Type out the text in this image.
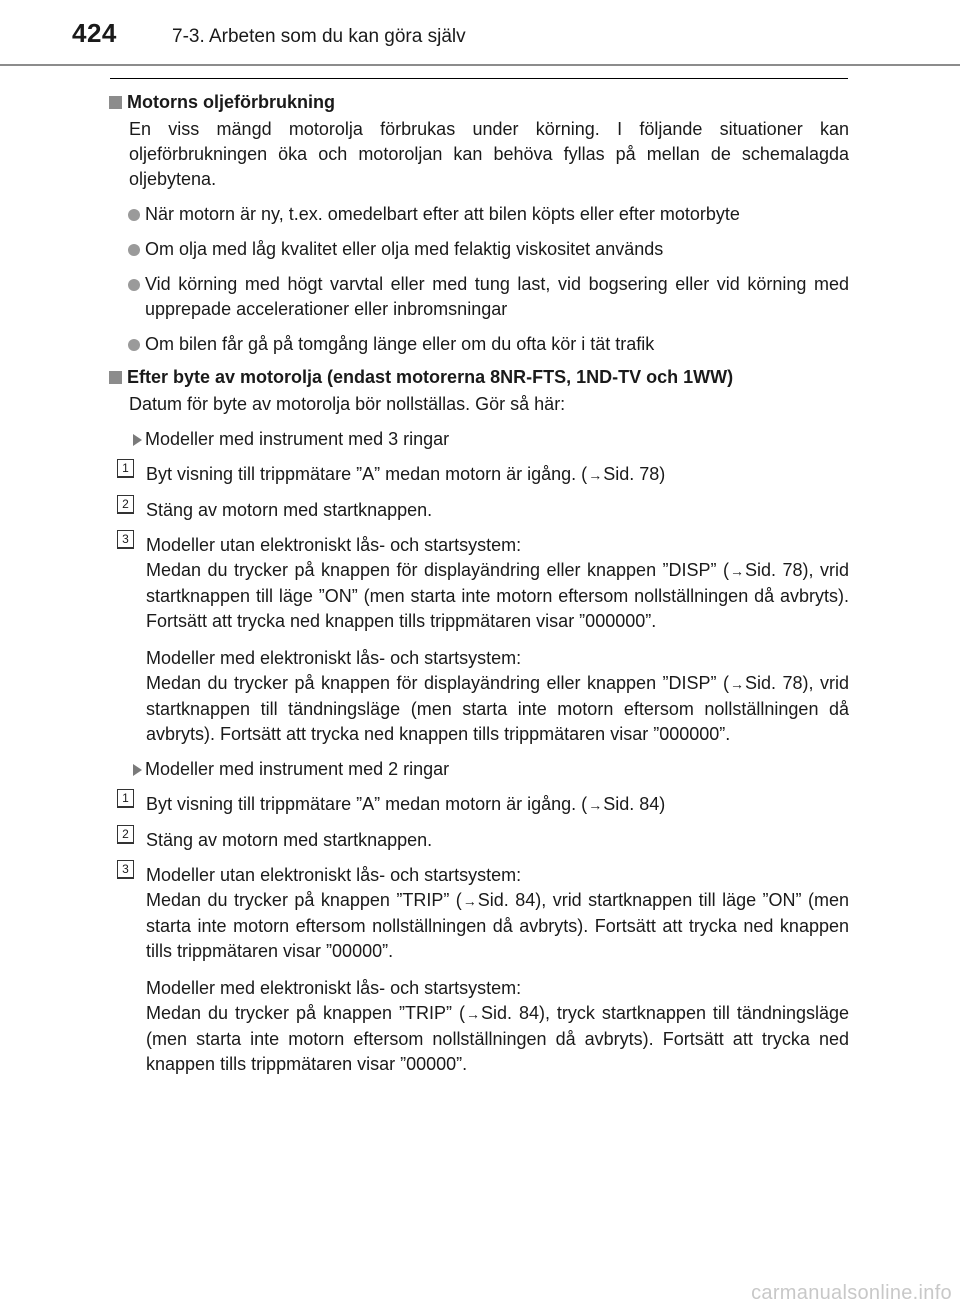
424	7-3. Arbeten som du kan göra själv

Motorns oljeförbrukning

En viss mängd motorolja förbrukas under körning. I följande situationer kan oljeförbrukningen öka och motoroljan kan behöva fyllas på mellan de schemalagda oljebytena.
När motorn är ny, t.ex. omedelbart efter att bilen köpts eller efter motorbyte
Om olja med låg kvalitet eller olja med felaktig viskositet används
Vid körning med högt varvtal eller med tung last, vid bogsering eller vid körning med upprepade accelerationer eller inbromsningar
Om bilen får gå på tomgång länge eller om du ofta kör i tät trafik

Efter byte av motorolja (endast motorerna 8NR-FTS, 1ND-TV och 1WW)

Datum för byte av motorolja bör nollställas. Gör så här:
Modeller med instrument med 3 ringar
1 Byt visning till trippmätare ”A” medan motorn är igång. (→Sid. 78)
2 Stäng av motorn med startknappen.
3 Modeller utan elektroniskt lås- och startsystem:
Medan du trycker på knappen för displayändring eller knappen ”DISP” (→Sid. 78), vrid startknappen till läge ”ON” (men starta inte motorn eftersom nollställningen då avbryts). Fortsätt att trycka ned knappen tills trippmätaren visar ”000000”.
Modeller med elektroniskt lås- och startsystem:
Medan du trycker på knappen för displayändring eller knappen ”DISP” (→Sid. 78), vrid startknappen till tändningsläge (men starta inte motorn eftersom nollställningen då avbryts). Fortsätt att trycka ned knappen tills trippmätaren visar ”000000”.
Modeller med instrument med 2 ringar
1 Byt visning till trippmätare ”A” medan motorn är igång. (→Sid. 84)
2 Stäng av motorn med startknappen.
3 Modeller utan elektroniskt lås- och startsystem:
Medan du trycker på knappen ”TRIP” (→Sid. 84), vrid startknappen till läge ”ON” (men starta inte motorn eftersom nollställningen då avbryts). Fortsätt att trycka ned knappen tills trippmätaren visar ”00000”.
Modeller med elektroniskt lås- och startsystem:
Medan du trycker på knappen ”TRIP” (→Sid. 84), tryck startknappen till tändningsläge (men starta inte motorn eftersom nollställningen då avbryts). Fortsätt att trycka ned knappen tills trippmätaren visar ”00000”.
carmanualsonline.info
